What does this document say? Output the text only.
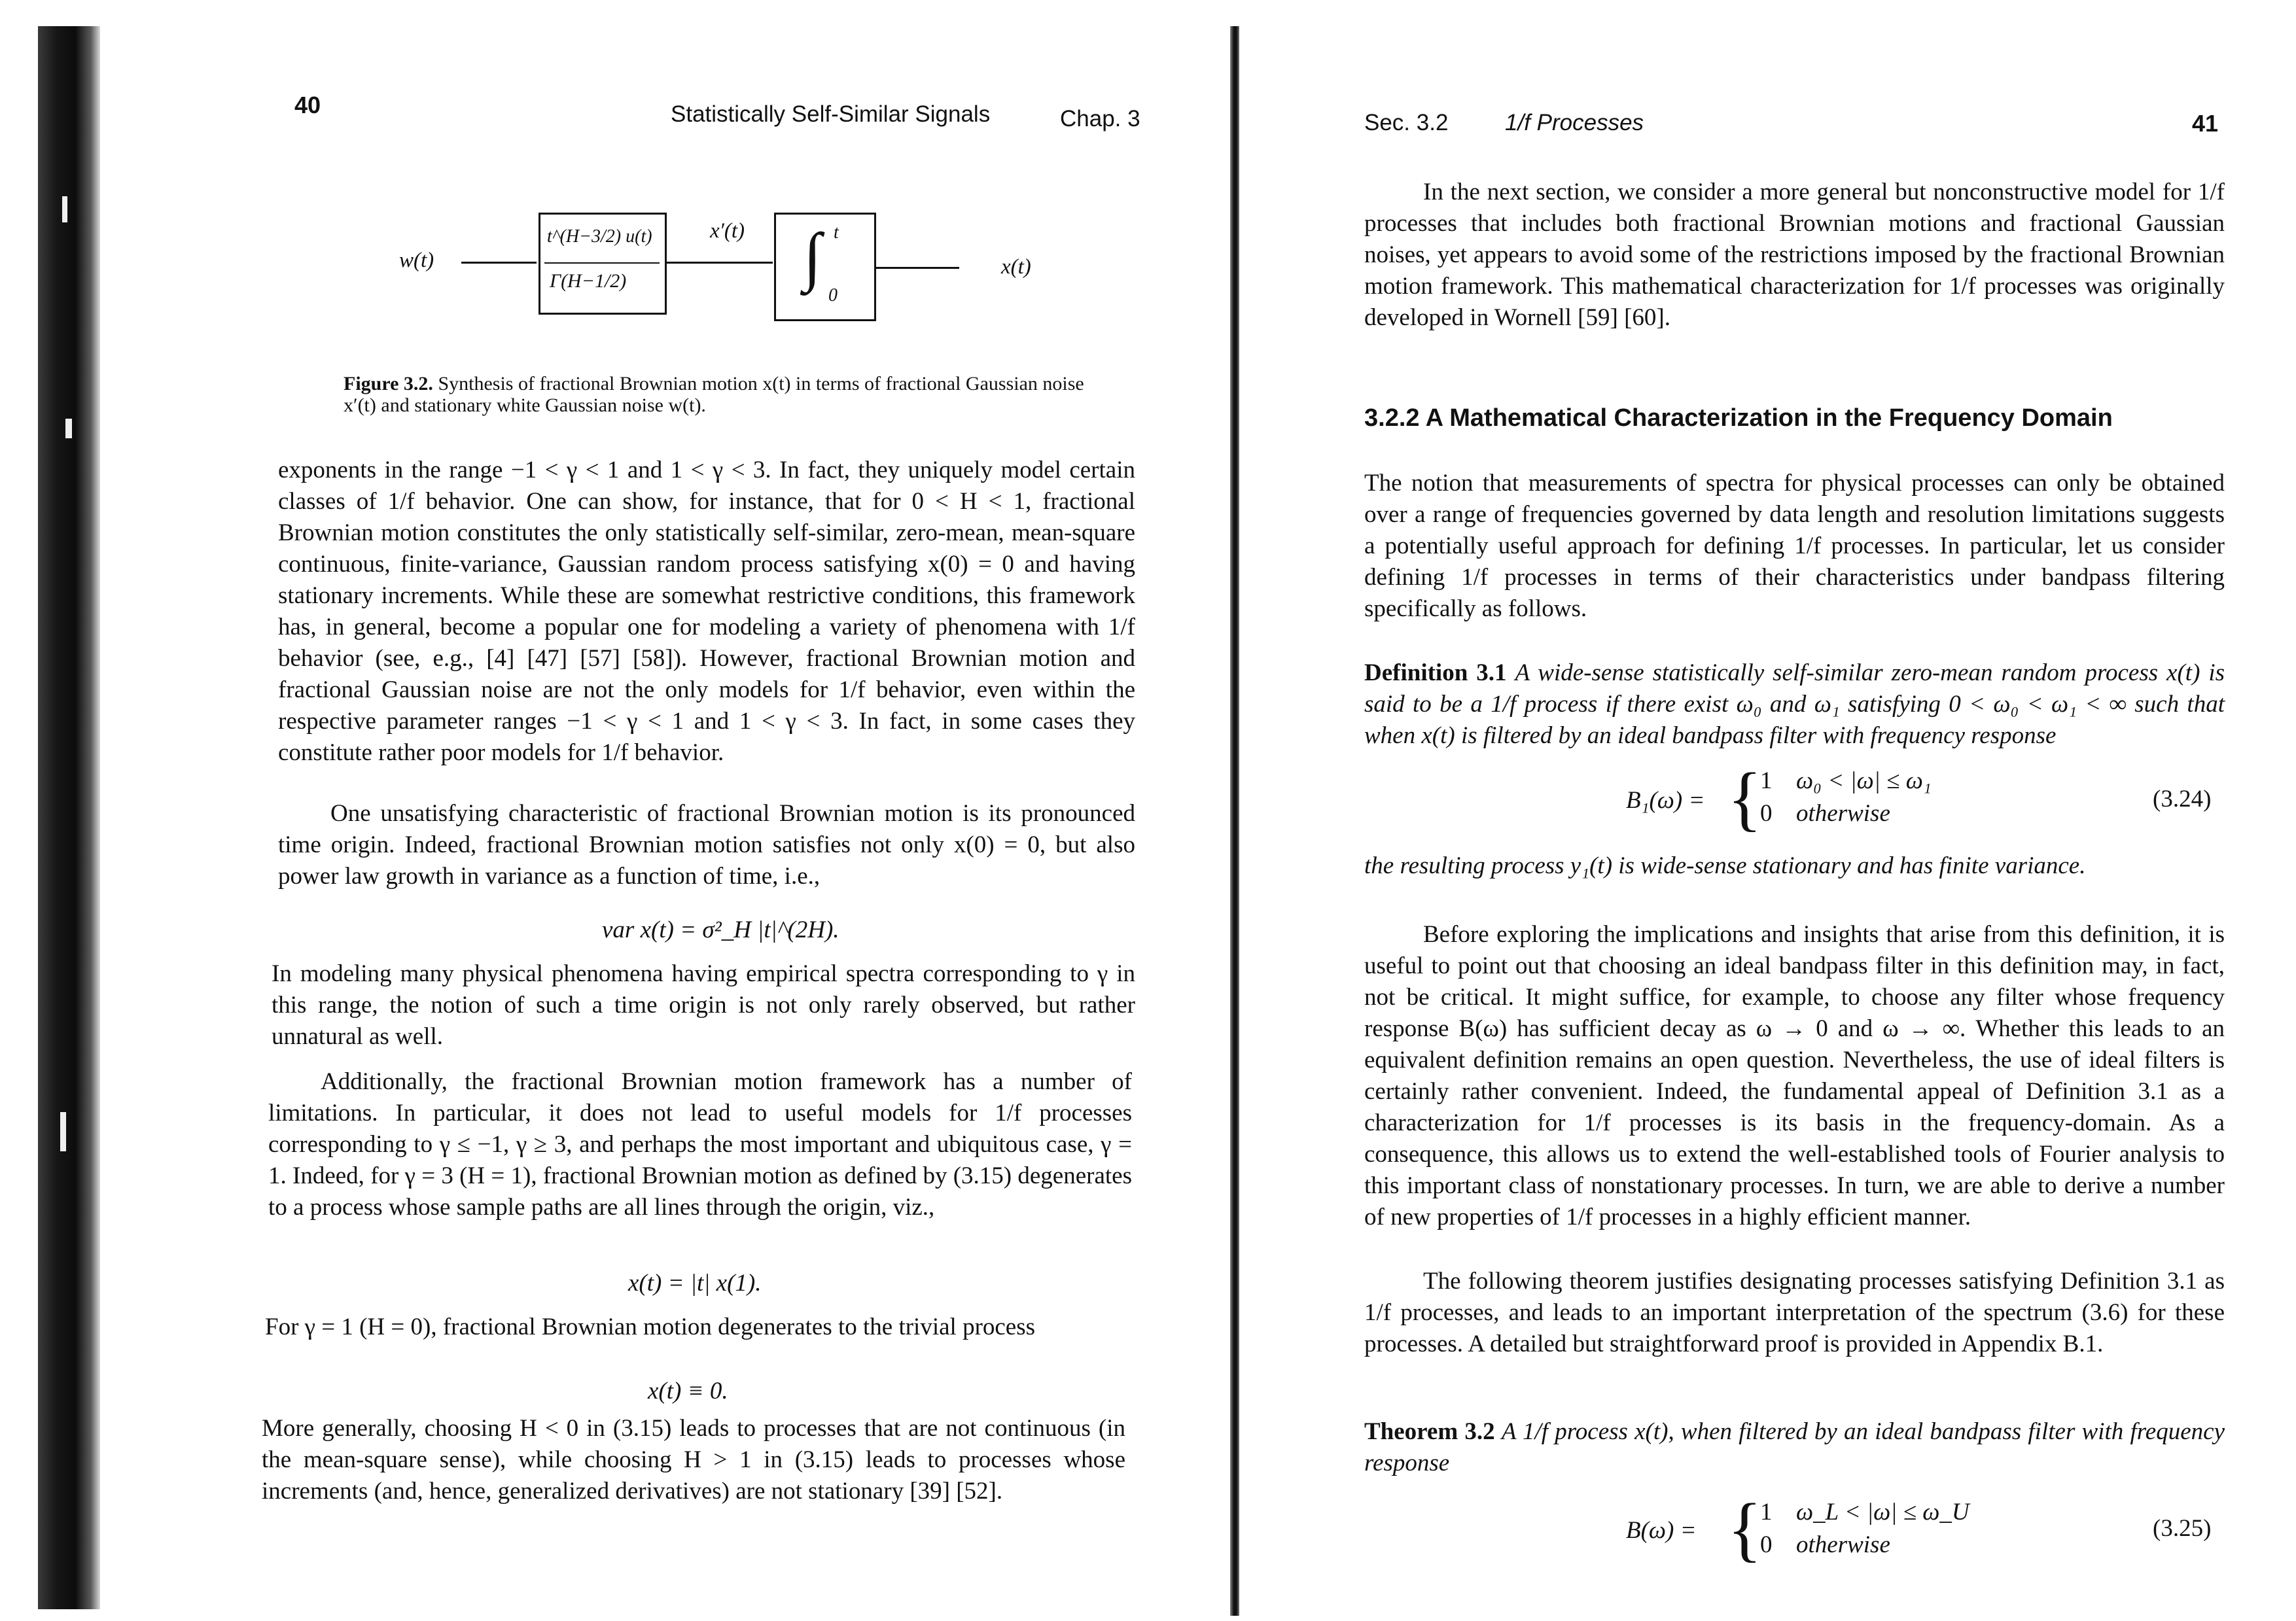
40	Statistically Self-Similar Signals	Chap. 3
w(t)
t^(H−3/2) u(t)
Γ(H−1/2)
x′(t) ∫ t
0
x(t)

Figure 3.2. Synthesis of fractional Brownian motion x(t) in terms of fractional Gaussian noise x′(t) and stationary white Gaussian noise w(t).

exponents in the range −1 < γ < 1 and 1 < γ < 3. In fact, they uniquely model certain classes of 1/f behavior. One can show, for instance, that for 0 < H < 1, fractional Brownian motion constitutes the only statistically self-similar, zero-mean, mean-square continuous, finite-variance, Gaussian random process satisfying x(0) = 0 and having stationary increments. While these are somewhat restrictive conditions, this framework has, in general, become a popular one for modeling a variety of phenomena with 1/f behavior (see, e.g., [4] [47] [57] [58]). However, fractional Brownian motion and fractional Gaussian noise are not the only models for 1/f behavior, even within the respective parameter ranges −1 < γ < 1 and 1 < γ < 3. In fact, in some cases they constitute rather poor models for 1/f behavior.

One unsatisfying characteristic of fractional Brownian motion is its pronounced time origin. Indeed, fractional Brownian motion satisfies not only x(0) = 0, but also power law growth in variance as a function of time, i.e.,

var x(t) = σ²_H |t|^(2H).

In modeling many physical phenomena having empirical spectra corresponding to γ in this range, the notion of such a time origin is not only rarely observed, but rather unnatural as well.

Additionally, the fractional Brownian motion framework has a number of limitations. In particular, it does not lead to useful models for 1/f processes corresponding to γ ≤ −1, γ ≥ 3, and perhaps the most important and ubiquitous case, γ = 1. Indeed, for γ = 3 (H = 1), fractional Brownian motion as defined by (3.15) degenerates to a process whose sample paths are all lines through the origin, viz.,

x(t) = |t| x(1).

For γ = 1 (H = 0), fractional Brownian motion degenerates to the trivial process

x(t) ≡ 0.

More generally, choosing H < 0 in (3.15) leads to processes that are not continuous (in the mean-square sense), while choosing H > 1 in (3.15) leads to processes whose increments (and, hence, generalized derivatives) are not stationary [39] [52].

Sec. 3.2 1/f Processes	41

In the next section, we consider a more general but nonconstructive model for 1/f processes that includes both fractional Brownian motions and fractional Gaussian noises, yet appears to avoid some of the restrictions imposed by the fractional Brownian motion framework. This mathematical characterization for 1/f processes was originally developed in Wornell [59] [60].

3.2.2 A Mathematical Characterization in the Frequency Domain

The notion that measurements of spectra for physical processes can only be obtained over a range of frequencies governed by data length and resolution limitations suggests a potentially useful approach for defining 1/f processes. In particular, let us consider defining 1/f processes in terms of their characteristics under bandpass filtering specifically as follows.

Definition 3.1 A wide-sense statistically self-similar zero-mean random process x(t) is said to be a 1/f process if there exist ω₀ and ω₁ satisfying 0 < ω₀ < ω₁ < ∞ such that when x(t) is filtered by an ideal bandpass filter with frequency response

B₁(ω) = {
1 ω₀ < |ω| ≤ ω₁
0 otherwise
(3.24)

the resulting process y₁(t) is wide-sense stationary and has finite variance.

Before exploring the implications and insights that arise from this definition, it is useful to point out that choosing an ideal bandpass filter in this definition may, in fact, not be critical. It might suffice, for example, to choose any filter whose frequency response B(ω) has sufficient decay as ω → 0 and ω → ∞. Whether this leads to an equivalent definition remains an open question. Nevertheless, the use of ideal filters is certainly rather convenient. Indeed, the fundamental appeal of Definition 3.1 as a characterization for 1/f processes is its basis in the frequency-domain. As a consequence, this allows us to extend the well-established tools of Fourier analysis to this important class of nonstationary processes. In turn, we are able to derive a number of new properties of 1/f processes in a highly efficient manner.

The following theorem justifies designating processes satisfying Definition 3.1 as 1/f processes, and leads to an important interpretation of the spectrum (3.6) for these processes. A detailed but straightforward proof is provided in Appendix B.1.

Theorem 3.2 A 1/f process x(t), when filtered by an ideal bandpass filter with frequency response

B(ω) = {
1 ω_L < |ω| ≤ ω_U
0 otherwise
(3.25)
